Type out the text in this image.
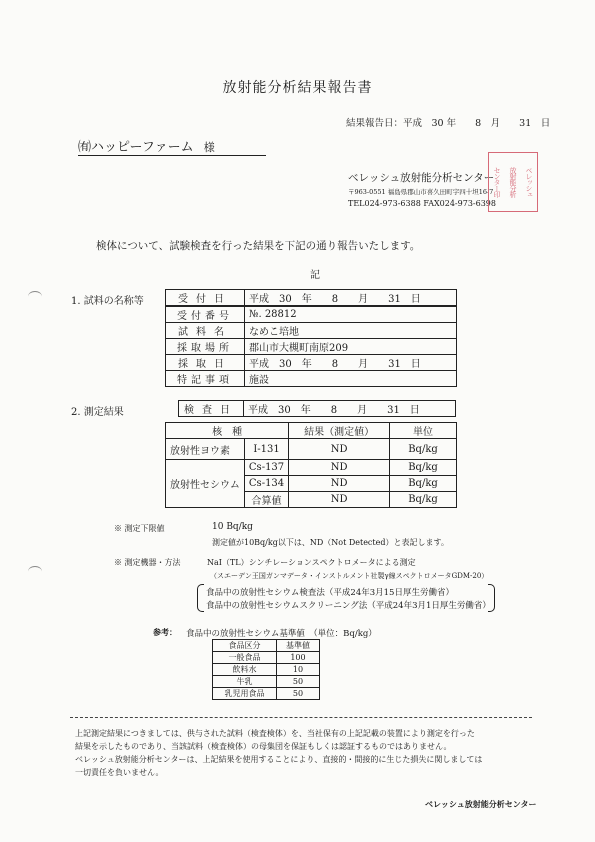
放射能分析結果報告書
結果報告日：平成　30 年　　8　月　　31　日
㈲ハッピーファーム 様
ベレッシュ放射能分析センター
〒963-0551 福島県郡山市喜久田町字四十坦16-7
TEL024-973-6388 FAX024-973-6398
センター印 放射能分析 ベレッシュ
検体について、試験検査を行った結果を下記の通り報告いたします。
記
1. 試料の名称等	受付日	平成　30　年　　8　　月　　31　日
受付番号	№. 28812
試料名	なめこ培地
採取場所	郡山市大槻町南原209
採取日	平成　30　年　　8　　月　　31　日
特記事項	施設
2. 測定結果	検査日	平成　30　年　　8　　月　　31　日
核　種		結果（測定値）	単位
放射性ヨウ素	I-131	ND	Bq/kg
放射性セシウム	Cs-137	ND	Bq/kg
	Cs-134	ND	Bq/kg
	合算値	ND	Bq/kg
※ 測定下限値	10 Bq/kg
測定値が10Bq/kg以下は、ND（Not Detected）と表記します。
※ 測定機器・方法	NaI（TL）シンチレーションスペクトロメータによる測定
（スエーデン王国ガンマデータ・インストルメント社製γ線スペクトロメータGDM-20）
食品中の放射性セシウム検査法（平成24年3月15日厚生労働省）
食品中の放射性セシウムスクリーニング法（平成24年3月1日厚生労働省）
参考： 食品中の放射性セシウム基準値　（単位：Bq/kg）
食品区分	基準値
一般食品	100
飲料水	10
牛乳	50
乳児用食品	50
上記測定結果につきましては、供与された試料（検査検体）を、当社保有の上記記載の装置により測定を行った
結果を示したものであり、当該試料（検査検体）の母集団を保証もしくは認証するものではありません。
ベレッシュ放射能分析センターは、上記結果を使用することにより、直接的・間接的に生じた損失に関しましては
一切責任を負いません。
ベレッシュ放射能分析センター
